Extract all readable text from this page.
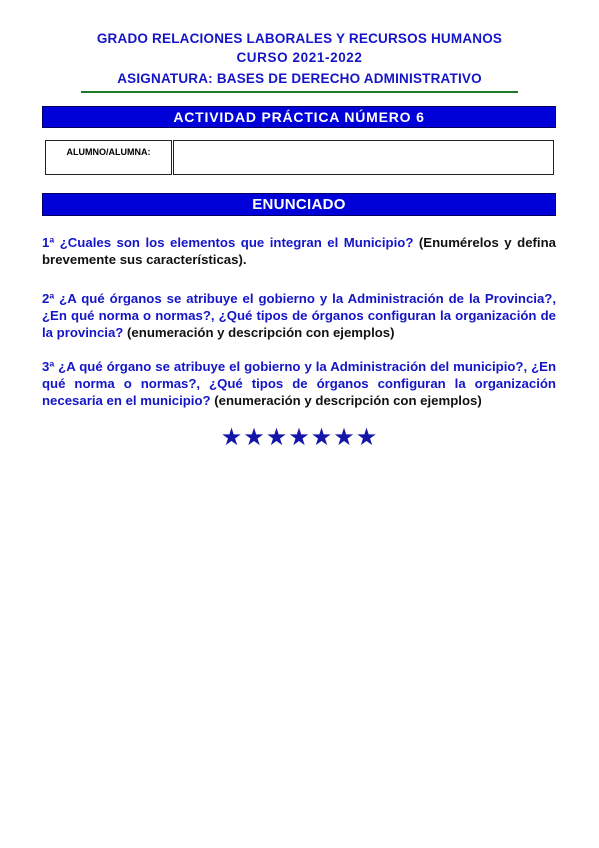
GRADO RELACIONES LABORALES Y RECURSOS HUMANOS
CURSO 2021-2022
ASIGNATURA: BASES DE DERECHO ADMINISTRATIVO
ACTIVIDAD PRÁCTICA NÚMERO 6
ALUMNO/ALUMNA:
ENUNCIADO

1ª ¿Cuales son los elementos que integran el Municipio? (Enumérelos y defina brevemente sus características).

2ª ¿A qué órganos se atribuye el gobierno y la Administración de la Provincia?, ¿En qué norma o normas?, ¿Qué tipos de órganos configuran la organización de la provincia? (enumeración y descripción con ejemplos)

3ª ¿A qué órgano se atribuye el gobierno y la Administración del municipio?, ¿En qué norma o normas?, ¿Qué tipos de órganos configuran la organización necesaria en el municipio? (enumeración y descripción con ejemplos)

★★★★★★★
